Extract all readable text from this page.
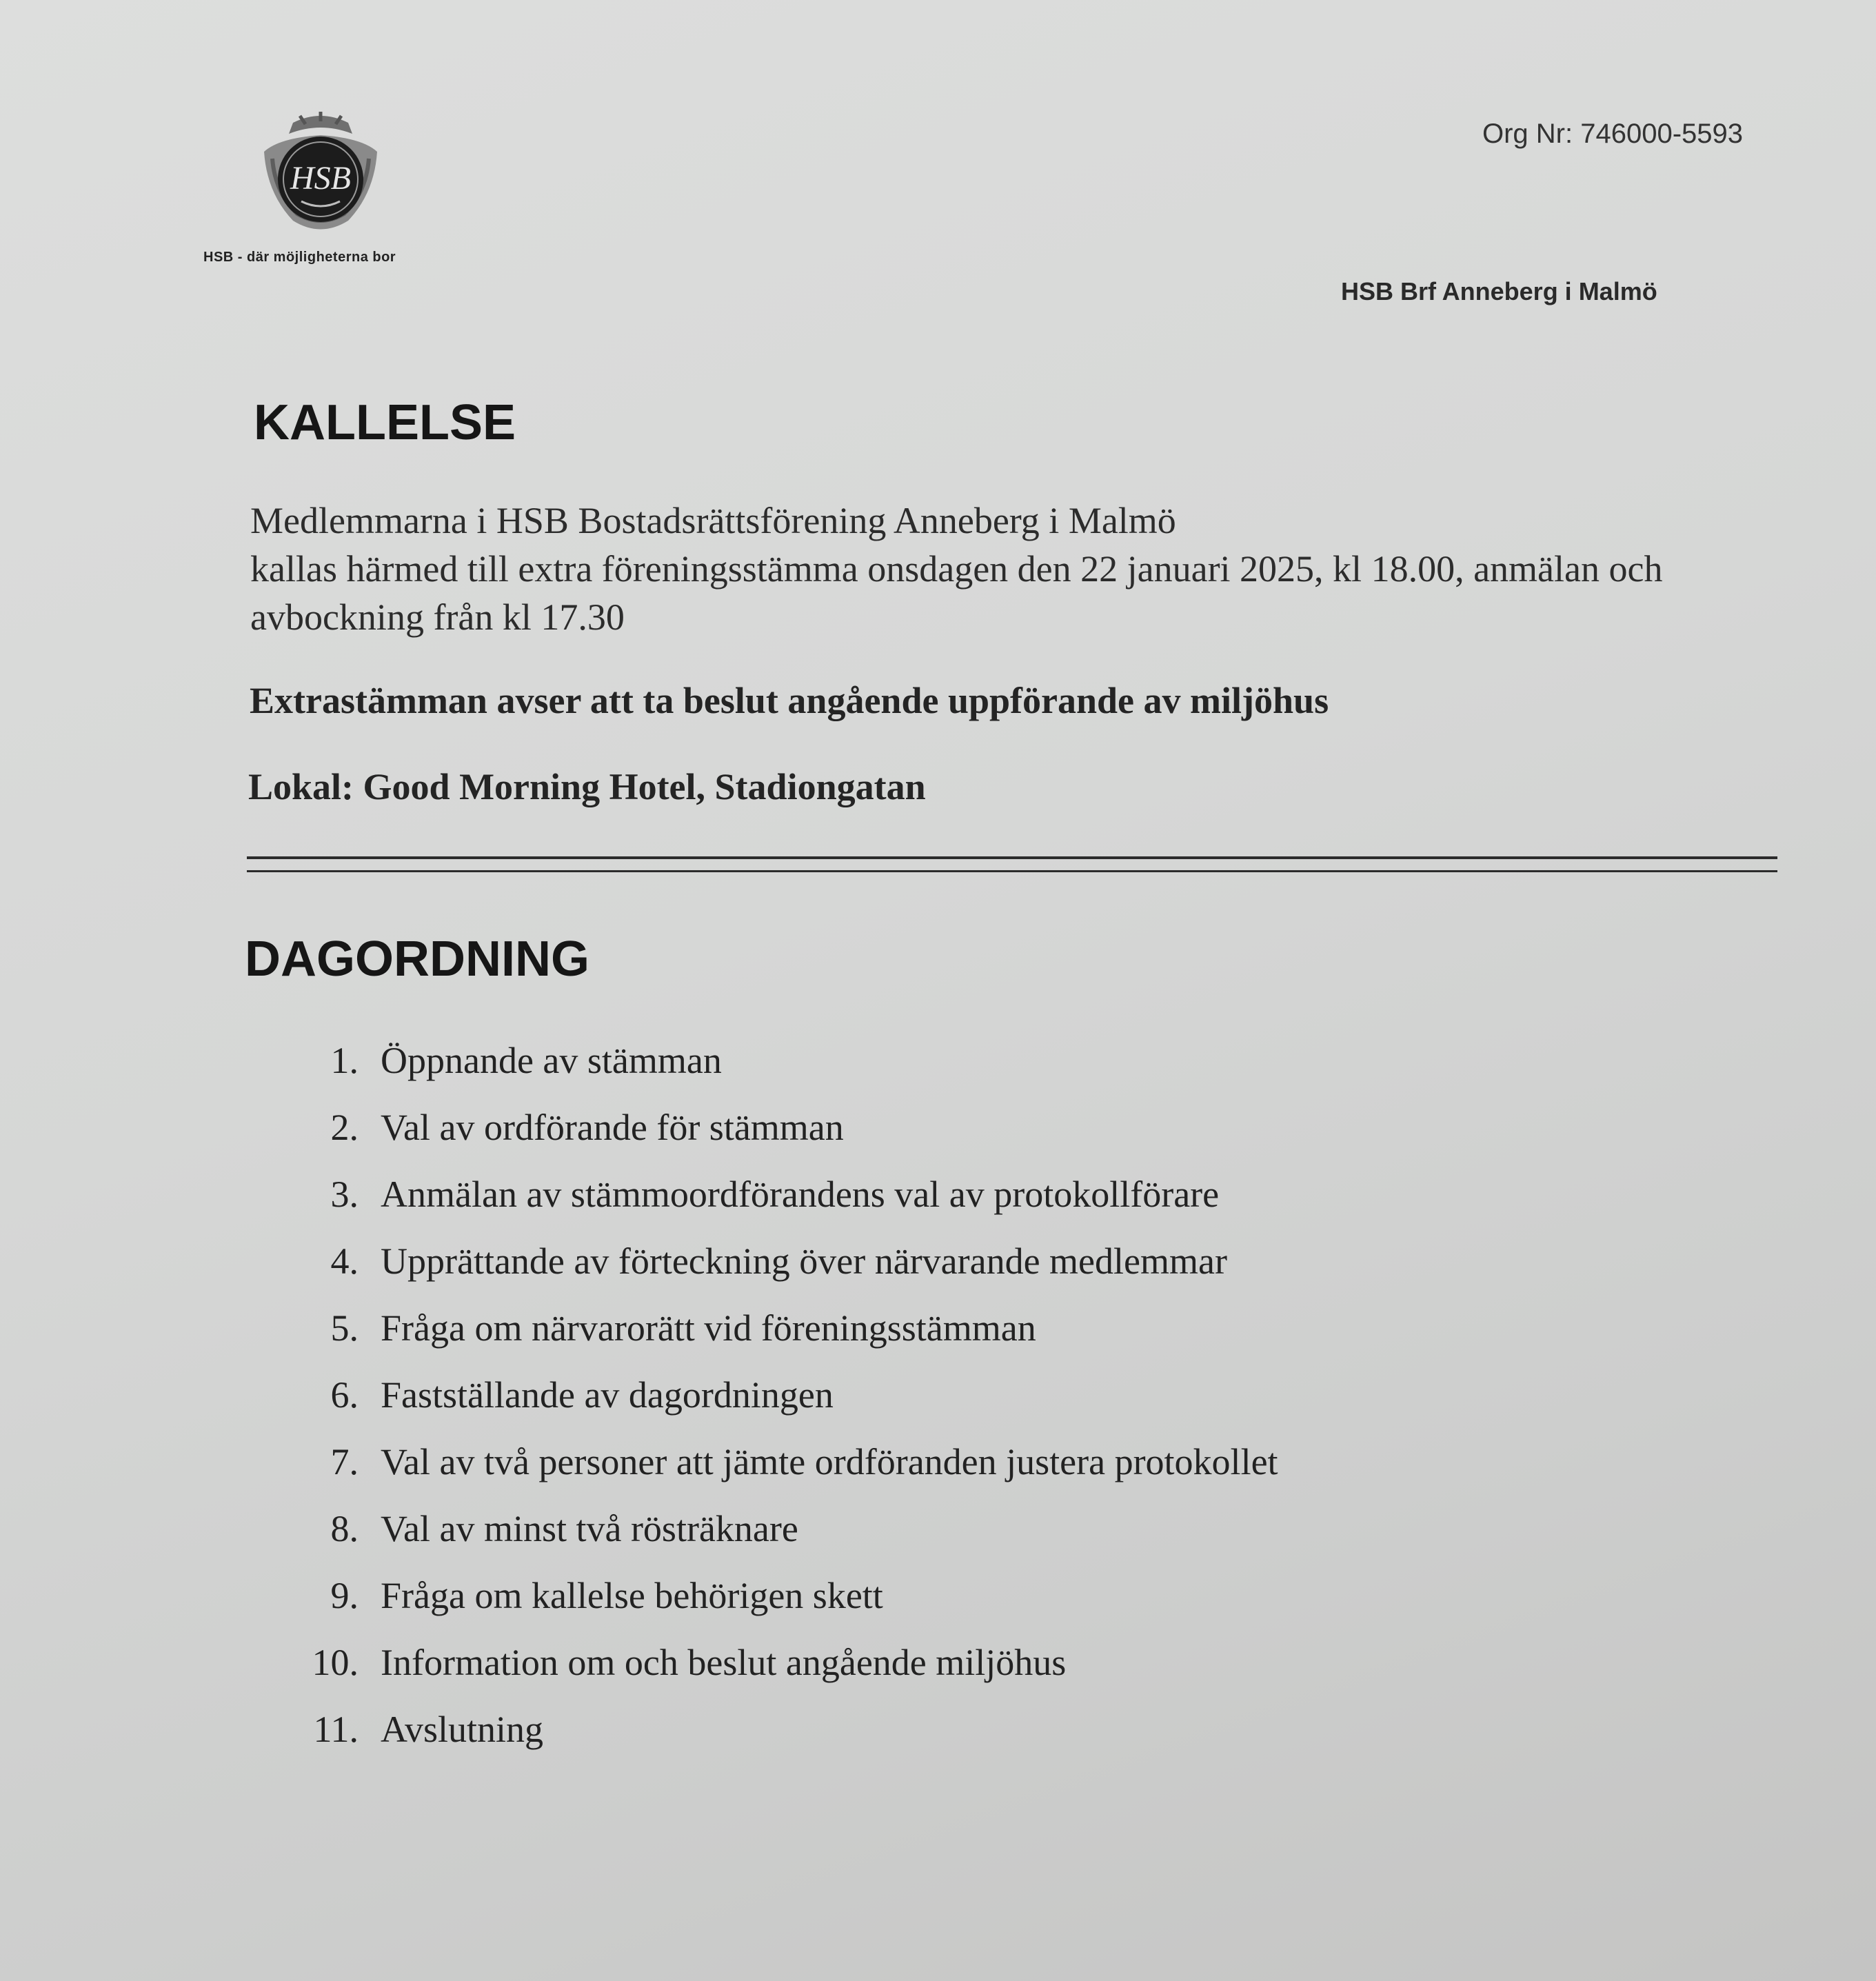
HSB
HSB - där möjligheterna bor
Org Nr: 746000-5593
HSB Brf Anneberg i Malmö
KALLELSE
Medlemmarna i HSB Bostadsrättsförening Anneberg i Malmö
kallas härmed till extra föreningsstämma onsdagen den 22 januari 2025, kl 18.00, anmälan och avbockning från kl 17.30

Extrastämman avser att ta beslut angående uppförande av miljöhus

Lokal: Good Morning Hotel, Stadiongatan

DAGORDNING
1. Öppnande av stämman
2. Val av ordförande för stämman
3. Anmälan av stämmoordförandens val av protokollförare
4. Upprättande av förteckning över närvarande medlemmar
5. Fråga om närvarorätt vid föreningsstämman
6. Fastställande av dagordningen
7. Val av två personer att jämte ordföranden justera protokollet
8. Val av minst två rösträknare
9. Fråga om kallelse behörigen skett
10. Information om och beslut angående miljöhus
11. Avslutning
